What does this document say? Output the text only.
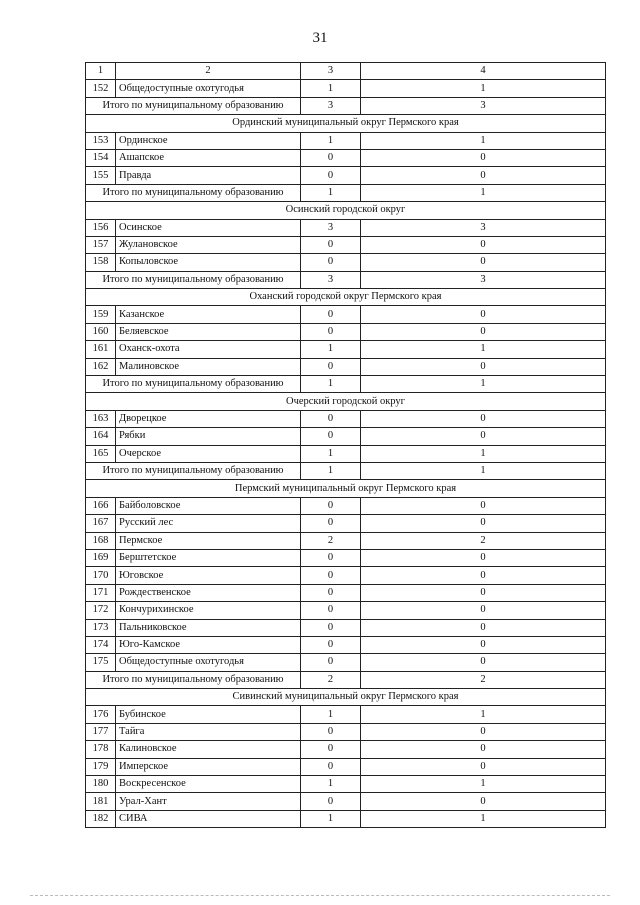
31
1	2	3	4
152	Общедоступные охотугодья	1	1
Итого по муниципальному образованию		3	3
Ординский муниципальный округ Пермского края			
153	Ординское	1	1
154	Ашапское	0	0
155	Правда	0	0
Итого по муниципальному образованию		1	1
Осинский городской округ			
156	Осинское	3	3
157	Жулановское	0	0
158	Копыловское	0	0
Итого по муниципальному образованию		3	3
Оханский городской округ Пермского края			
159	Казанское	0	0
160	Беляевское	0	0
161	Оханск-охота	1	1
162	Малиновское	0	0
Итого по муниципальному образованию		1	1
Очерский городской округ			
163	Дворецкое	0	0
164	Рябки	0	0
165	Очерское	1	1
Итого по муниципальному образованию		1	1
Пермский муниципальный округ Пермского края			
166	Байболовское	0	0
167	Русский лес	0	0
168	Пермское	2	2
169	Берштетское	0	0
170	Юговское	0	0
171	Рождественское	0	0
172	Кончурихинское	0	0
173	Пальниковское	0	0
174	Юго-Камское	0	0
175	Общедоступные охотугодья	0	0
Итого по муниципальному образованию		2	2
Сивинский муниципальный округ Пермского края			
176	Бубинское	1	1
177	Тайга	0	0
178	Калиновское	0	0
179	Имперское	0	0
180	Воскресенское	1	1
181	Урал-Хант	0	0
182	СИВА	1	1
